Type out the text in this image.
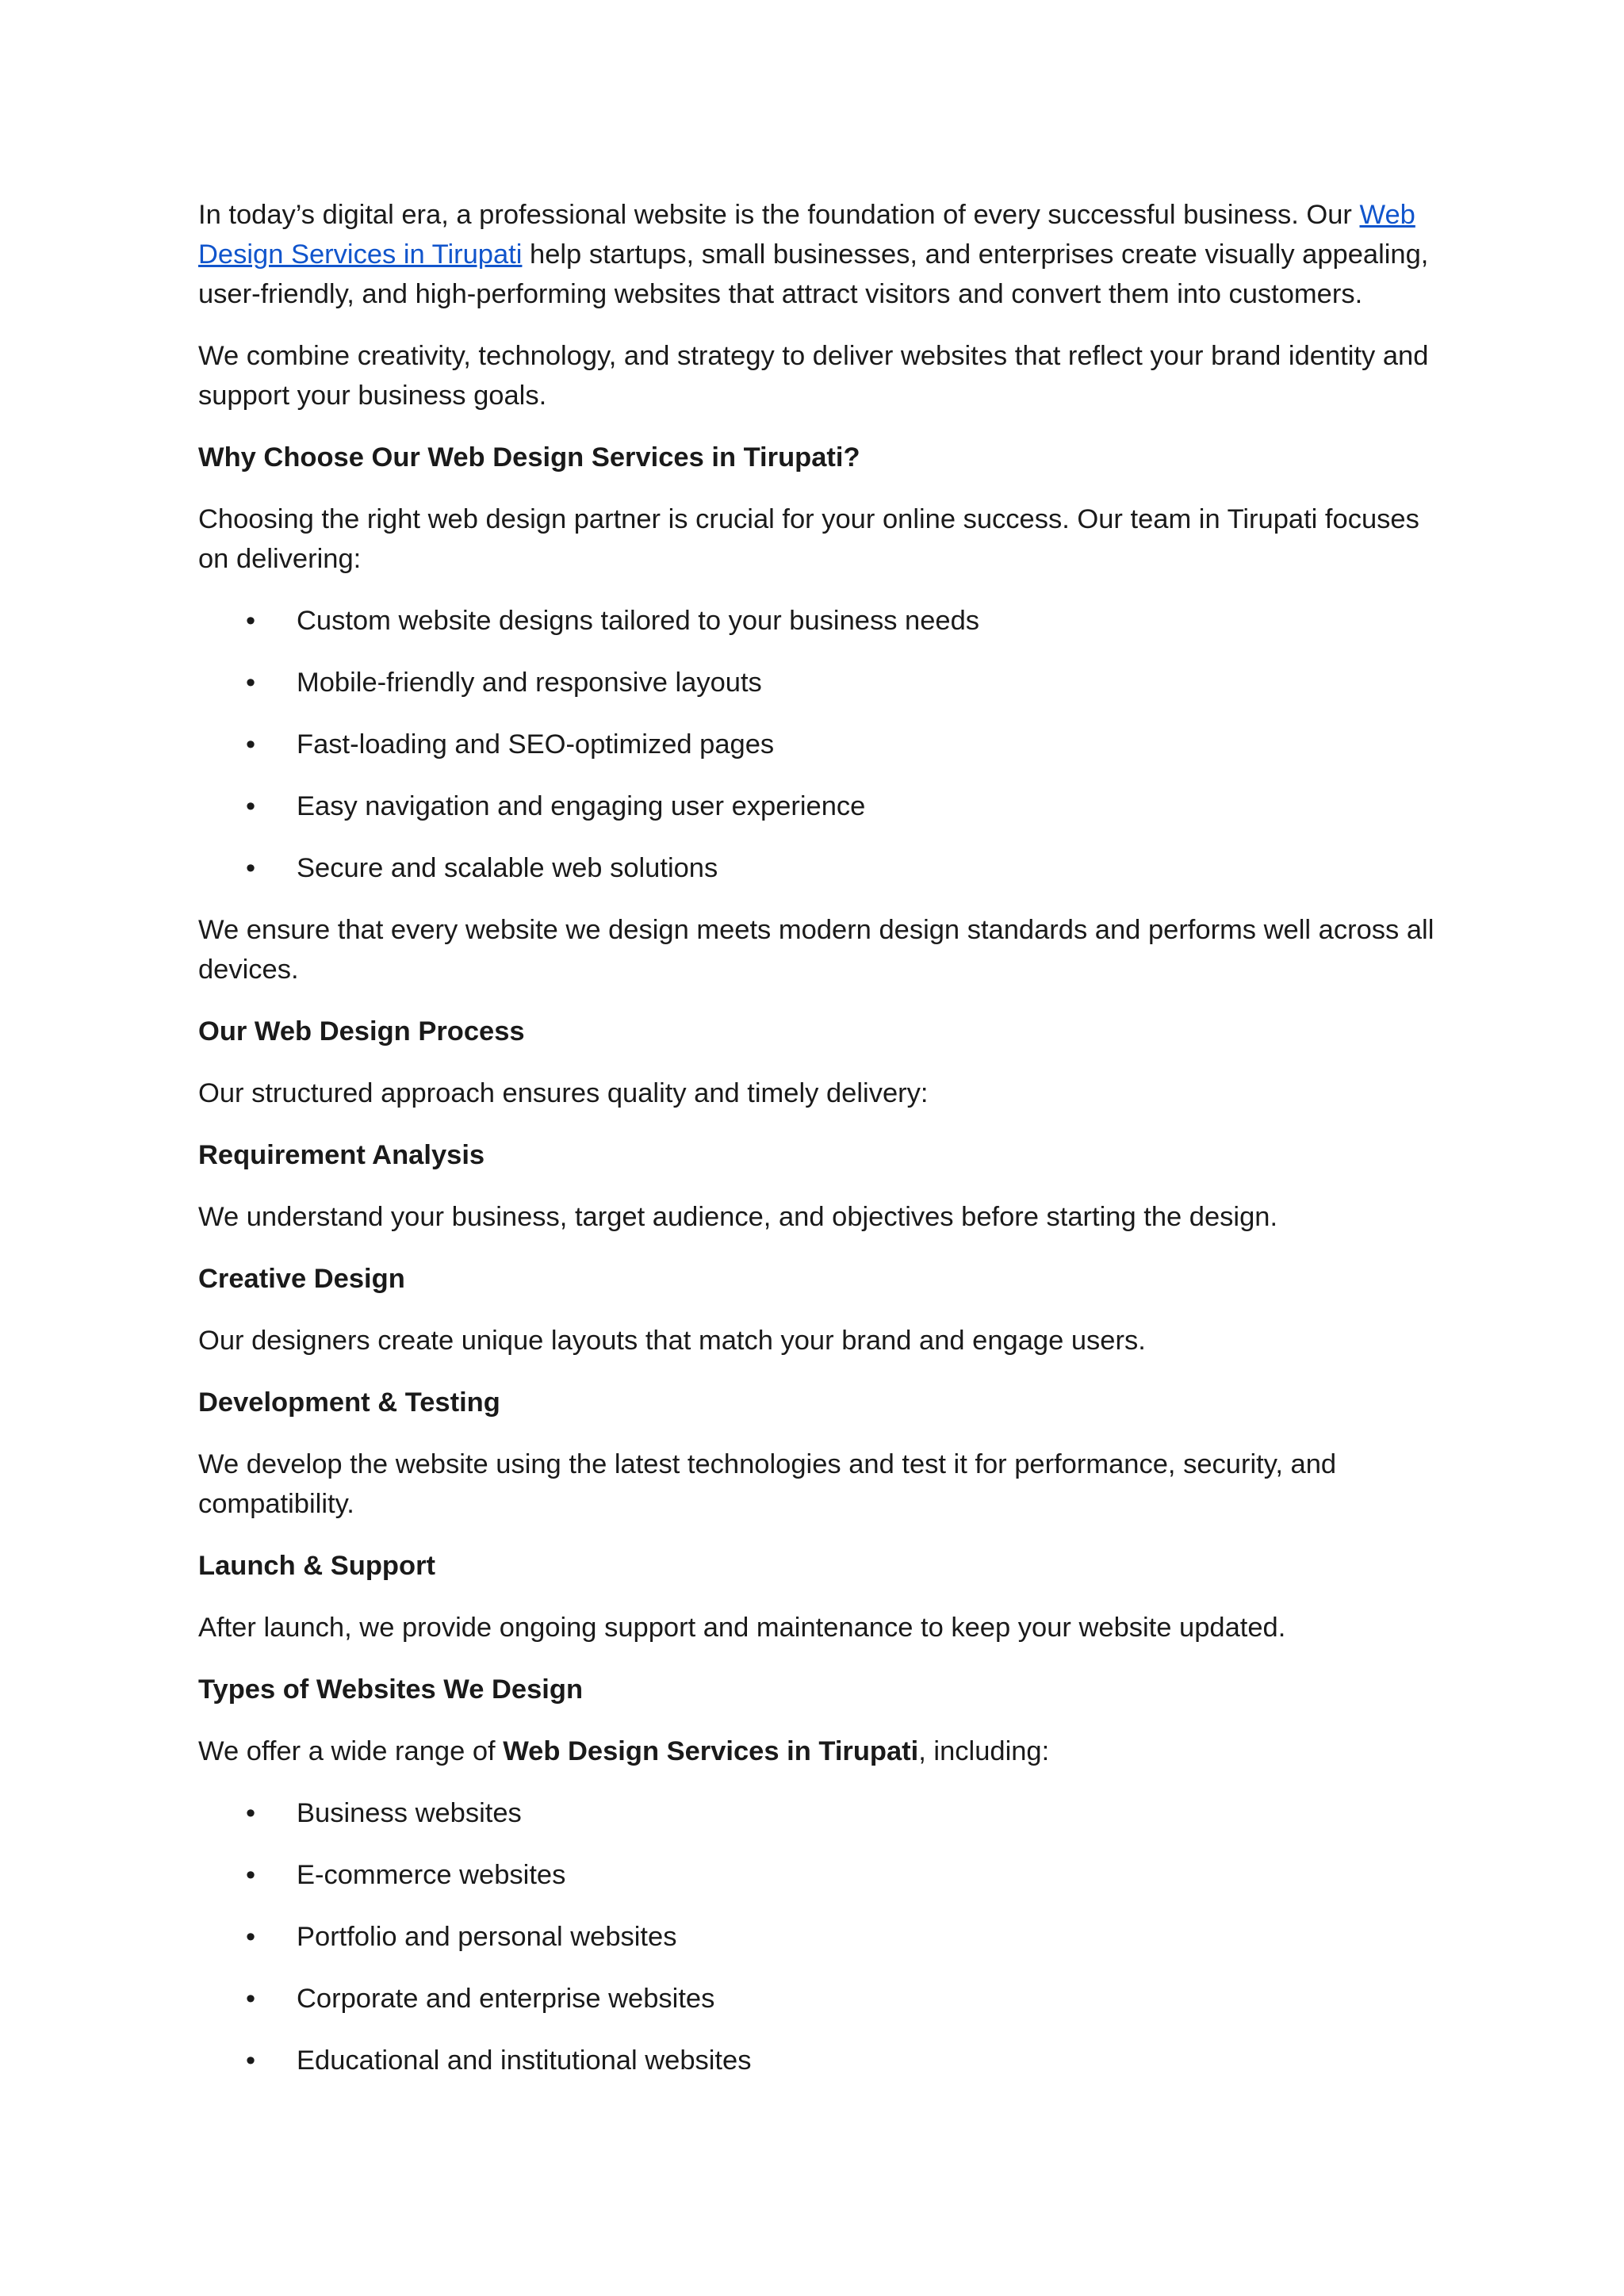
In today’s digital era, a professional website is the foundation of every successful business. Our Web Design Services in Tirupati help startups, small businesses, and enterprises create visually appealing, user-friendly, and high-performing websites that attract visitors and convert them into customers.

We combine creativity, technology, and strategy to deliver websites that reflect your brand identity and support your business goals.

Why Choose Our Web Design Services in Tirupati?

Choosing the right web design partner is crucial for your online success. Our team in Tirupati focuses on delivering:

• Custom website designs tailored to your business needs
• Mobile-friendly and responsive layouts
• Fast-loading and SEO-optimized pages
• Easy navigation and engaging user experience
• Secure and scalable web solutions

We ensure that every website we design meets modern design standards and performs well across all devices.

Our Web Design Process

Our structured approach ensures quality and timely delivery:

Requirement Analysis

We understand your business, target audience, and objectives before starting the design.

Creative Design

Our designers create unique layouts that match your brand and engage users.

Development & Testing

We develop the website using the latest technologies and test it for performance, security, and compatibility.

Launch & Support

After launch, we provide ongoing support and maintenance to keep your website updated.

Types of Websites We Design

We offer a wide range of Web Design Services in Tirupati, including:

• Business websites
• E-commerce websites
• Portfolio and personal websites
• Corporate and enterprise websites
• Educational and institutional websites
